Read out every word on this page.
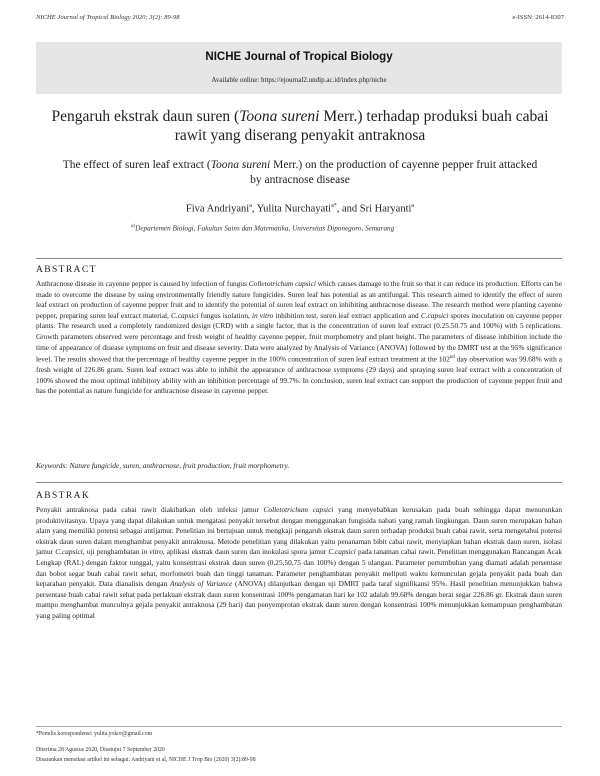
NICHE Journal of Tropical Biology 2020; 3(2): 89-98	e-ISSN: 2614-8307
NICHE Journal of Tropical Biology
Available online: https://ejournal2.undip.ac.id/index.php/niche
Pengaruh ekstrak daun suren (Toona sureni Merr.) terhadap produksi buah cabai rawit yang diserang penyakit antraknosa
The effect of suren leaf extract (Toona sureni Merr.) on the production of cayenne pepper fruit attacked by antracnose disease
Fiva Andriyani$^a$, Yulita Nurchayati$^{a*}$, and Sri Haryanti$^a$
$^{a)}$Departemen Biologi, Fakultas Sains dan Matematika, Universitas Diponegoro, Semarang
ABSTRACT
Anthracnose disease in cayenne pepper is caused by infection of fungus Colletotrichum capsici which causes damage to the fruit so that it can reduce its production. Efforts can be made to overcome the disease by using environmentally friendly nature fungicides. Suren leaf has potential as an antifungal. This research aimed to identify the effect of suren leaf extract on production of cayenne pepper fruit and to identify the potential of suren leaf extract on inhibiting anthracnose disease. The research method were planting cayenne pepper, preparing suren leaf extract material, C.capsici fungus isolation, in vitro inhibition test, suren leaf extract application and C.capsici spores inoculation on cayenne pepper plants. The research used a completely randomized design (CRD) with a single factor, that is the concentration of suren leaf extract (0.25.50.75 and 100%) with 5 replications. Growth parameters observed were percentage and fresh weight of healthy cayenne pepper, fruit morphometry and plant height. The parameters of disease inhibition include the time of appearance of disease symptoms on fruit and disease severity. Data were analyzed by Analysis of Variance (ANOVA) followed by the DMRT test at the 95% significance level. The results showed that the percentage of healthy cayenne pepper in the 100% concentration of suren leaf extract treatment at the 102nd day observation was 99.68% with a fresh weight of 226.86 gram. Suren leaf extract was able to inhibit the appearance of anthracnose symptoms (29 days) and spraying suren leaf extract with a concentration of 100% showed the most optimal inhibitory ability with an inhibition percentage of 99.7%. In conclusion, suren leaf extract can support the production of cayenne pepper fruit and has the potential as nature fungicide for anthracnose disease in cayenne pepper.
Keywords: Nature fungicide, suren, anthracnose, fruit production, fruit morphometry.
ABSTRAK
Penyakit antraknosa pada cabai rawit diakibatkan oleh infeksi jamur Colletotrichum capsici yang menyebabkan kerusakan pada buah sehingga dapat menurunkan produktivitasnya. Upaya yang dapat dilakukan untuk mengatasi penyakit tersebut dengan menggunakan fungisida nabati yang ramah lingkungan. Daun suren merupakan bahan alam yang memiliki potensi sebagai antijamur. Penelitian ini bertujuan untuk mengkaji pengaruh ekstrak daun suren terhadap produksi buah cabai rawit, serta mengetahui potensi ekstrak daun suren dalam menghambat penyakit antraknosa. Metode penelitian yang dilakukan yaitu penanaman bibit cabai rawit, menyiapkan bahan ekstrak daun suren, isolasi jamur C.capsici, uji penghambatan in vitro, aplikasi ekstrak daun suren dan inokulasi spora jamur C.capsici pada tanaman cabai rawit. Penelitian menggunakan Rancangan Acak Lengkap (RAL) dengan faktor tunggal, yaitu konsentrasi ekstrak daun suren (0,25,50,75 dan 100%) dengan 5 ulangan. Parameter pertumbuhan yang diamati adalah persentase dan bobot segar buah cabai rawit sehat, morfometri buah dan tinggi tanaman. Parameter penghambatan penyakit meliputi waktu kemunculan gejala penyakit pada buah dan keparahan penyakit. Data dianalisis dengan Analysis of Variance (ANOVA) dilanjutkan dengan uji DMRT pada taraf signifikansi 95%. Hasil penelitian menunjukkan bahwa persentase buah cabai rawit sehat pada perlakuan ekstrak daun suren konsentrasi 100% pengamatan hari ke 102 adalah 99.68% dengan berat segar 226.86 gr. Ekstrak daun suren mampu menghambat munculnya gejala penyakit antraknosa (29 hari) dan penyemprotan ekstrak daun suren dengan konsentrasi 100% menunjukkan kemampuan penghambatan yang paling optimal
*Penulis korespondensi: yulita.yokor@gmail.com
Diterima 28 Agustus 2020, Disetujui 7 September 2020
Disarankan mensitasi artikel ini sebagai: Andriyani et al, NICHE J Trop Bio (2020) 3(2):89-98
